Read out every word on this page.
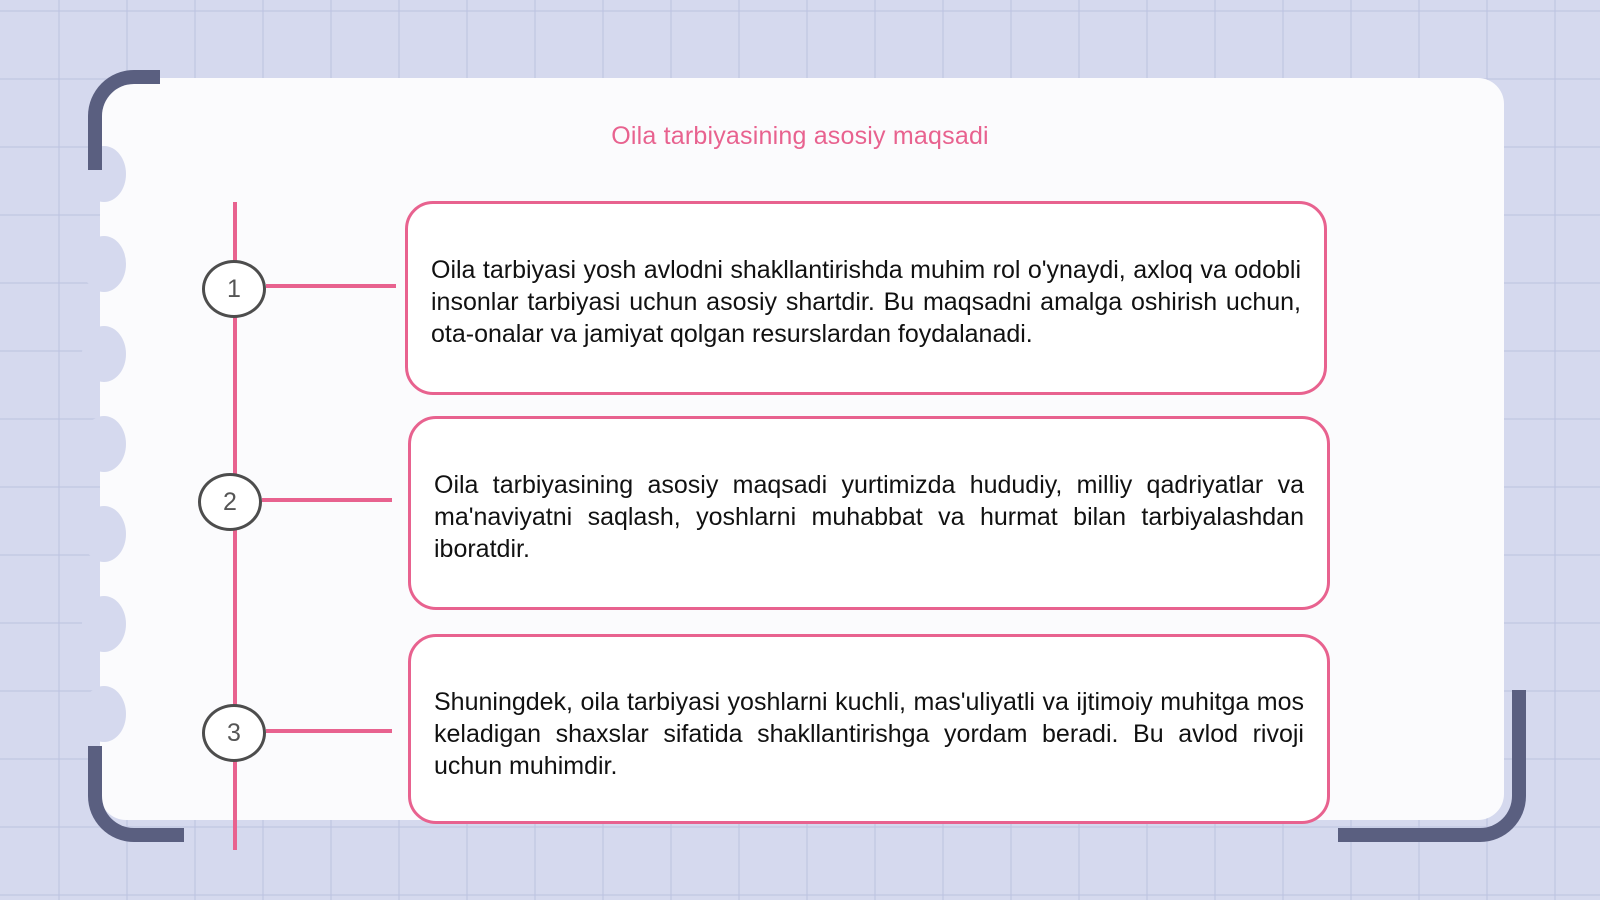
Oila tarbiyasining asosiy maqsadi
1
2
3

Oila tarbiyasi yosh avlodni shakllantirishda muhim rol o'ynaydi, axloq va odobli insonlar tarbiyasi uchun asosiy shartdir. Bu maqsadni amalga oshirish uchun, ota-onalar va jamiyat qolgan resurslardan foydalanadi.

Oila tarbiyasining asosiy maqsadi yurtimizda hududiy, milliy qadriyatlar va ma'naviyatni saqlash, yoshlarni muhabbat va hurmat bilan tarbiyalashdan iboratdir.

Shuningdek, oila tarbiyasi yoshlarni kuchli, mas'uliyatli va ijtimoiy muhitga mos keladigan shaxslar sifatida shakllantirishga yordam beradi. Bu avlod rivoji uchun muhimdir.
